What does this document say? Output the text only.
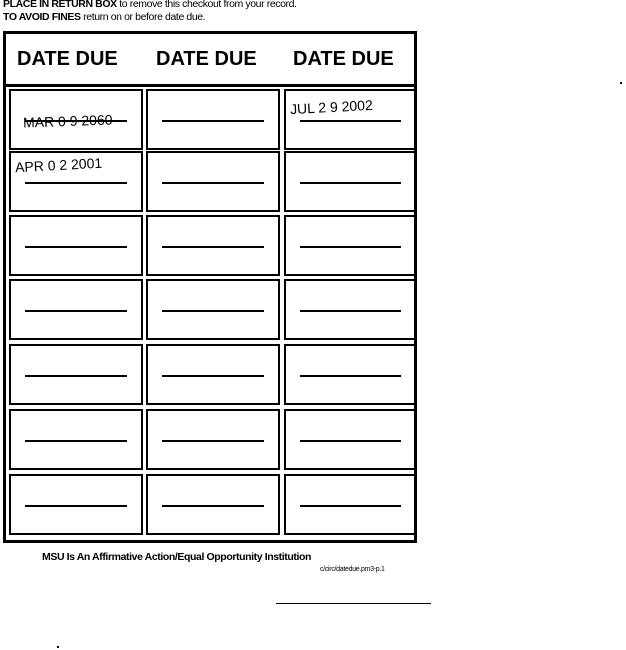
PLACE IN RETURN BOX to remove this checkout from your record.
TO AVOID FINES return on or before date due.
DATE DUE DATE DUE DATE DUE
MAR 0 9 2060
JUL 2 9 2002
APR 0 2 2001
MSU Is An Affirmative Action/Equal Opportunity Institution
c/circ/datedue.pm3-p.1
